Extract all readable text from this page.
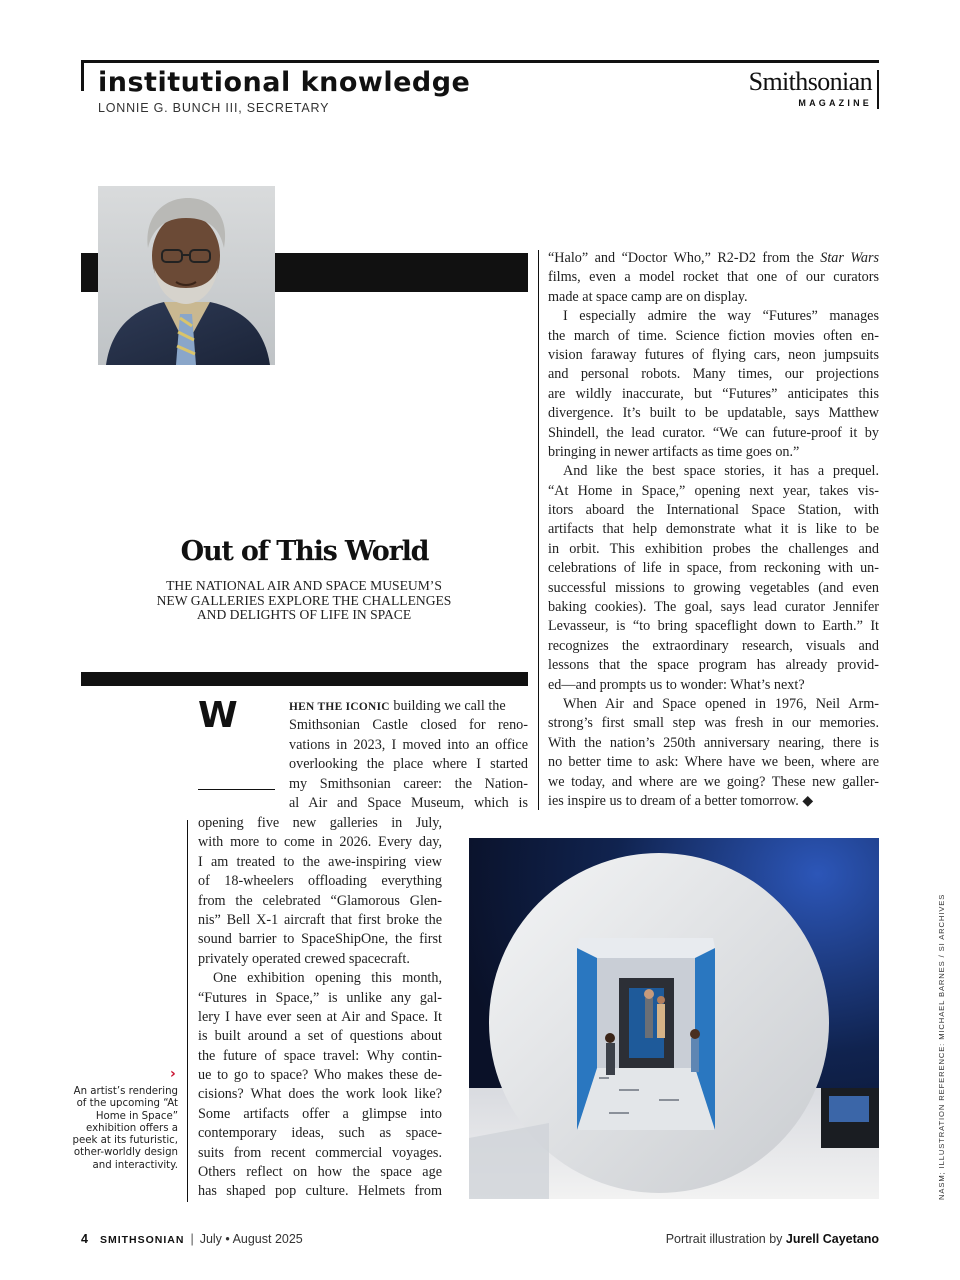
institutional knowledge
LONNIE G. BUNCH III, SECRETARY
Smithsonian
MAGAZINE
Out of This World
THE NATIONAL AIR AND SPACE MUSEUM’S NEW GALLERIES EXPLORE THE CHALLENGES AND DELIGHTS OF LIFE IN SPACE
W	HEN THE ICONIC building we call the
Smithsonian Castle closed for reno-
vations in 2023, I moved into an office
overlooking the place where I started
my Smithsonian career: the Nation-
al Air and Space Museum, which is
opening five new galleries in July,
with more to come in 2026. Every day,
I am treated to the awe-inspiring view
of 18-wheelers offloading everything
from the celebrated “Glamorous Glen-
nis” Bell X-1 aircraft that first broke the
sound barrier to SpaceShipOne, the first
privately operated crewed spacecraft.
One exhibition opening this month,
“Futures in Space,” is unlike any gal-
lery I have ever seen at Air and Space. It
is built around a set of questions about
the future of space travel: Why contin-
ue to go to space? Who makes these de-
cisions? What does the work look like?
Some artifacts offer a glimpse into
contemporary ideas, such as space-
suits from recent commercial voyages.
Others reflect on how the space age
has shaped pop culture. Helmets from
“Halo” and “Doctor Who,” R2-D2 from the Star Wars
films, even a model rocket that one of our curators
made at space camp are on display.
I especially admire the way “Futures” manages
the march of time. Science fiction movies often en-
vision faraway futures of flying cars, neon jumpsuits
and personal robots. Many times, our projections
are wildly inaccurate, but “Futures” anticipates this
divergence. It’s built to be updatable, says Matthew
Shindell, the lead curator. “We can future-proof it by
bringing in newer artifacts as time goes on.”
And like the best space stories, it has a prequel.
“At Home in Space,” opening next year, takes vis-
itors aboard the International Space Station, with
artifacts that help demonstrate what it is like to be
in orbit. This exhibition probes the challenges and
celebrations of life in space, from reckoning with un-
successful missions to growing vegetables (and even
baking cookies). The goal, says lead curator Jennifer
Levasseur, is “to bring spaceflight down to Earth.” It
recognizes the extraordinary research, visuals and
lessons that the space program has already provid-
ed—and prompts us to wonder: What’s next?
When Air and Space opened in 1976, Neil Arm-
strong’s first small step was fresh in our memories.
With the nation’s 250th anniversary nearing, there is
no better time to ask: Where have we been, where are
we today, and where are we going? These new galler-
ies inspire us to dream of a better tomorrow. ◆
›
An artist’s rendering of the upcoming “At Home in Space” exhibition offers a peek at its futuristic, other-worldly design and interactivity.	NASM; ILLUSTRATION REFERENCE: MICHAEL BARNES / SI ARCHIVES
4 SMITHSONIAN | July • August 2025	Portrait illustration by Jurell Cayetano
